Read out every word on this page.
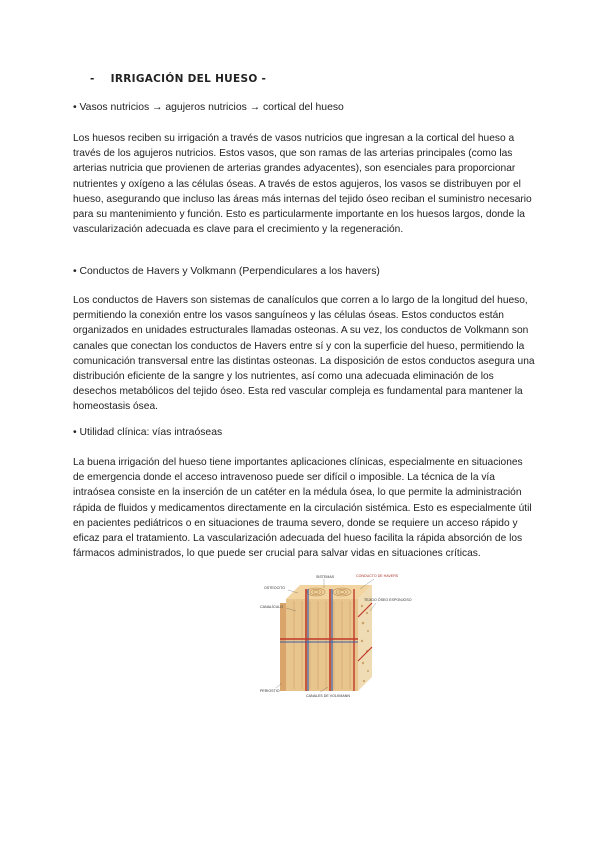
- IRRIGACIÓN DEL HUESO -
• Vasos nutricios → agujeros nutricios → cortical del hueso

Los huesos reciben su irrigación a través de vasos nutricios que ingresan a la cortical del hueso a través de los agujeros nutricios. Estos vasos, que son ramas de las arterias principales (como las arterias nutricia que provienen de arterias grandes adyacentes), son esenciales para proporcionar nutrientes y oxígeno a las células óseas. A través de estos agujeros, los vasos se distribuyen por el hueso, asegurando que incluso las áreas más internas del tejido óseo reciban el suministro necesario para su mantenimiento y función. Esto es particularmente importante en los huesos largos, donde la vascularización adecuada es clave para el crecimiento y la regeneración.

• Conductos de Havers y Volkmann (Perpendiculares a los havers)

Los conductos de Havers son sistemas de canalículos que corren a lo largo de la longitud del hueso, permitiendo la conexión entre los vasos sanguíneos y las células óseas. Estos conductos están organizados en unidades estructurales llamadas osteonas. A su vez, los conductos de Volkmann son canales que conectan los conductos de Havers entre sí y con la superficie del hueso, permitiendo la comunicación transversal entre las distintas osteonas. La disposición de estos conductos asegura una distribución eficiente de la sangre y los nutrientes, así como una adecuada eliminación de los desechos metabólicos del tejido óseo. Esta red vascular compleja es fundamental para mantener la homeostasis ósea.

• Utilidad clínica: vías intraóseas

La buena irrigación del hueso tiene importantes aplicaciones clínicas, especialmente en situaciones de emergencia donde el acceso intravenoso puede ser difícil o imposible. La técnica de la vía intraósea consiste en la inserción de un catéter en la médula ósea, lo que permite la administración rápida de fluidos y medicamentos directamente en la circulación sistémica. Esto es especialmente útil en pacientes pediátricos o en situaciones de trauma severo, donde se requiere un acceso rápido y eficaz para el tratamiento. La vascularización adecuada del hueso facilita la rápida absorción de los fármacos administrados, lo que puede ser crucial para salvar vidas en situaciones críticas.

SISTEMAS
OSTEOCITO
CANALÍCULO
CONDUCTO DE HAVERS
TEJIDO ÓSEO ESPONJOSO
PERIOSTIO
CANALES DE VOLKMANN
